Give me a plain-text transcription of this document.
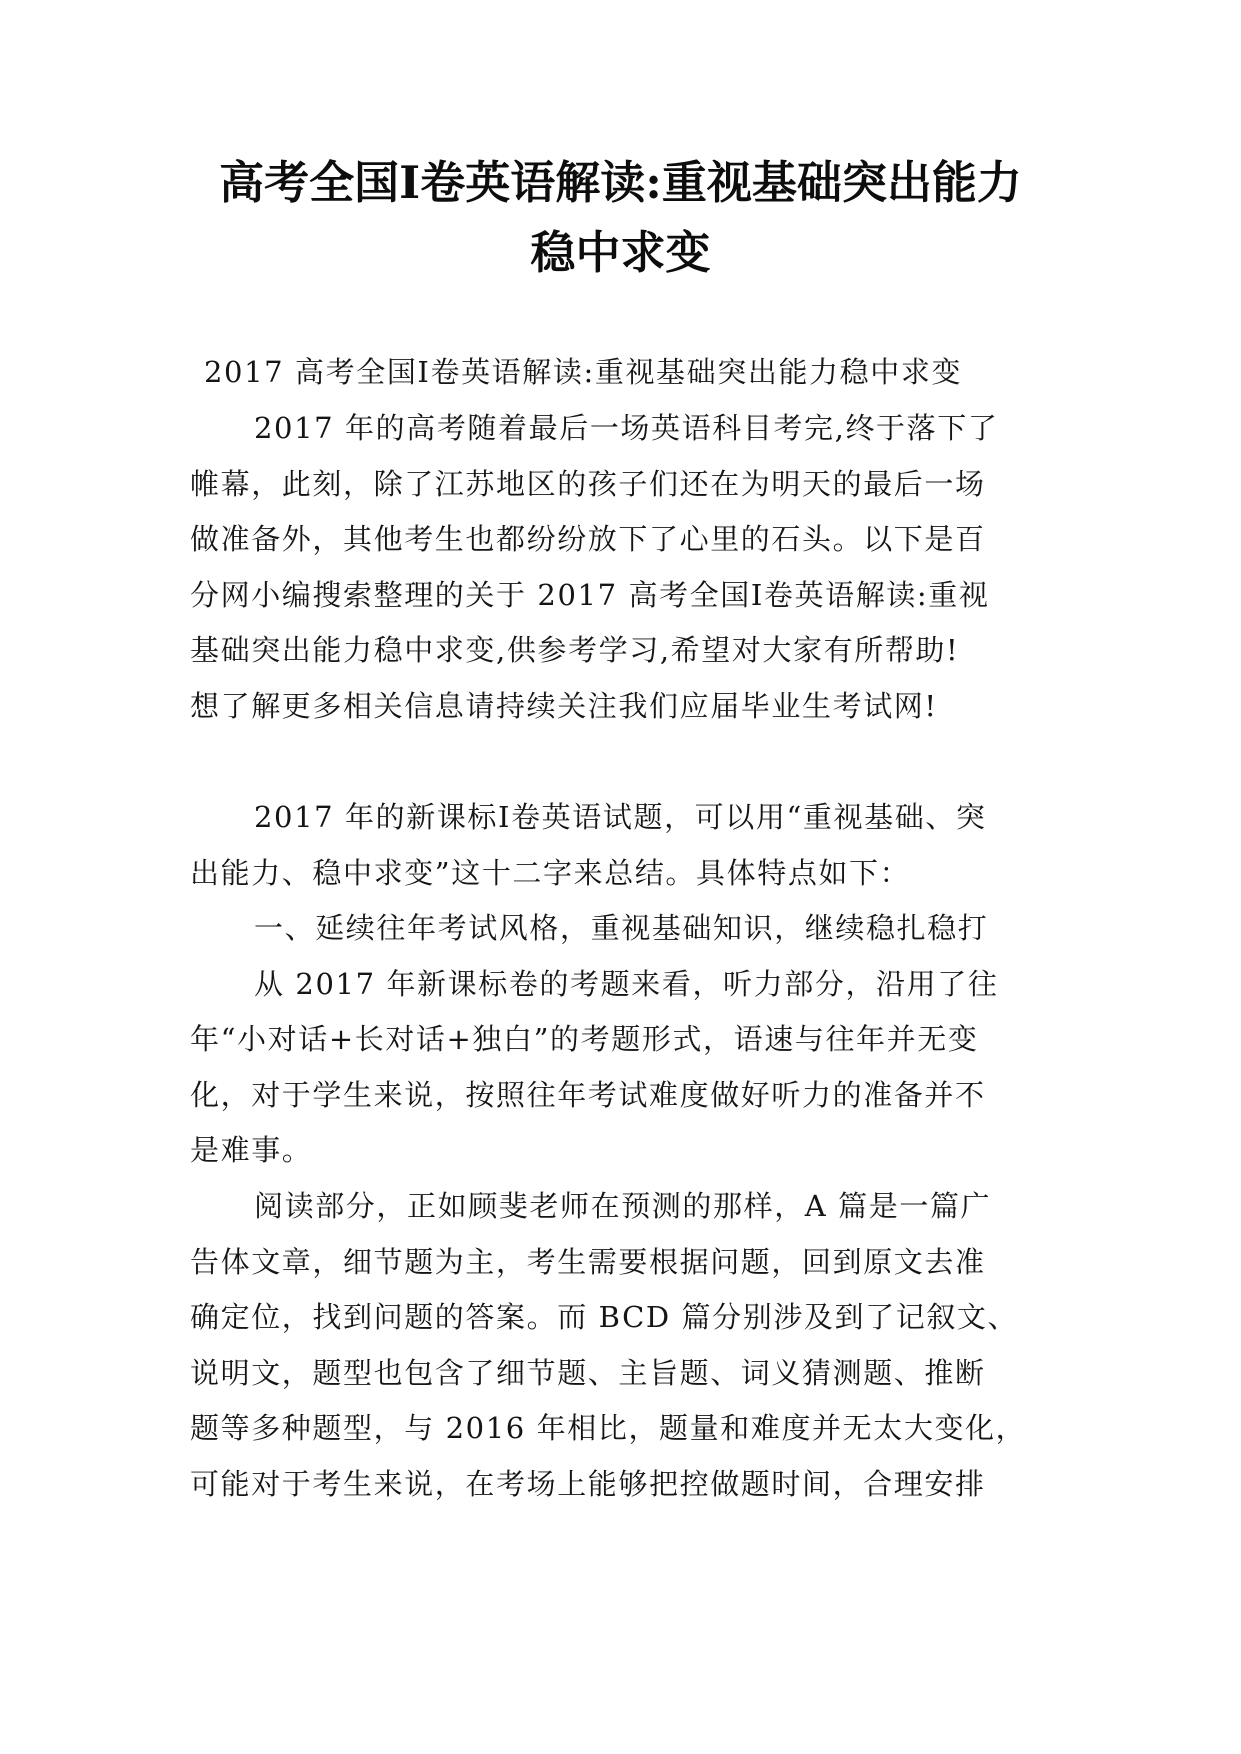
高考全国Ⅰ卷英语解读:重视基础突出能力
稳中求变
2017 高考全国Ⅰ卷英语解读:重视基础突出能力稳中求变
2017 年的高考随着最后一场英语科目考完,终于落下了
帷幕，此刻，除了江苏地区的孩子们还在为明天的最后一场
做准备外，其他考生也都纷纷放下了心里的石头。以下是百
分网小编搜索整理的关于 2017 高考全国Ⅰ卷英语解读:重视
基础突出能力稳中求变,供参考学习,希望对大家有所帮助!
想了解更多相关信息请持续关注我们应届毕业生考试网!
2017 年的新课标Ⅰ卷英语试题，可以用“重视基础、突
出能力、稳中求变”这十二字来总结。具体特点如下：
一、延续往年考试风格，重视基础知识，继续稳扎稳打
从 2017 年新课标卷的考题来看，听力部分，沿用了往
年“小对话+长对话+独白”的考题形式，语速与往年并无变
化，对于学生来说，按照往年考试难度做好听力的准备并不
是难事。
阅读部分，正如顾斐老师在预测的那样，A 篇是一篇广
告体文章，细节题为主，考生需要根据问题，回到原文去准
确定位，找到问题的答案。而 BCD 篇分别涉及到了记叙文、
说明文，题型也包含了细节题、主旨题、词义猜测题、推断
题等多种题型，与 2016 年相比，题量和难度并无太大变化，
可能对于考生来说，在考场上能够把控做题时间，合理安排
